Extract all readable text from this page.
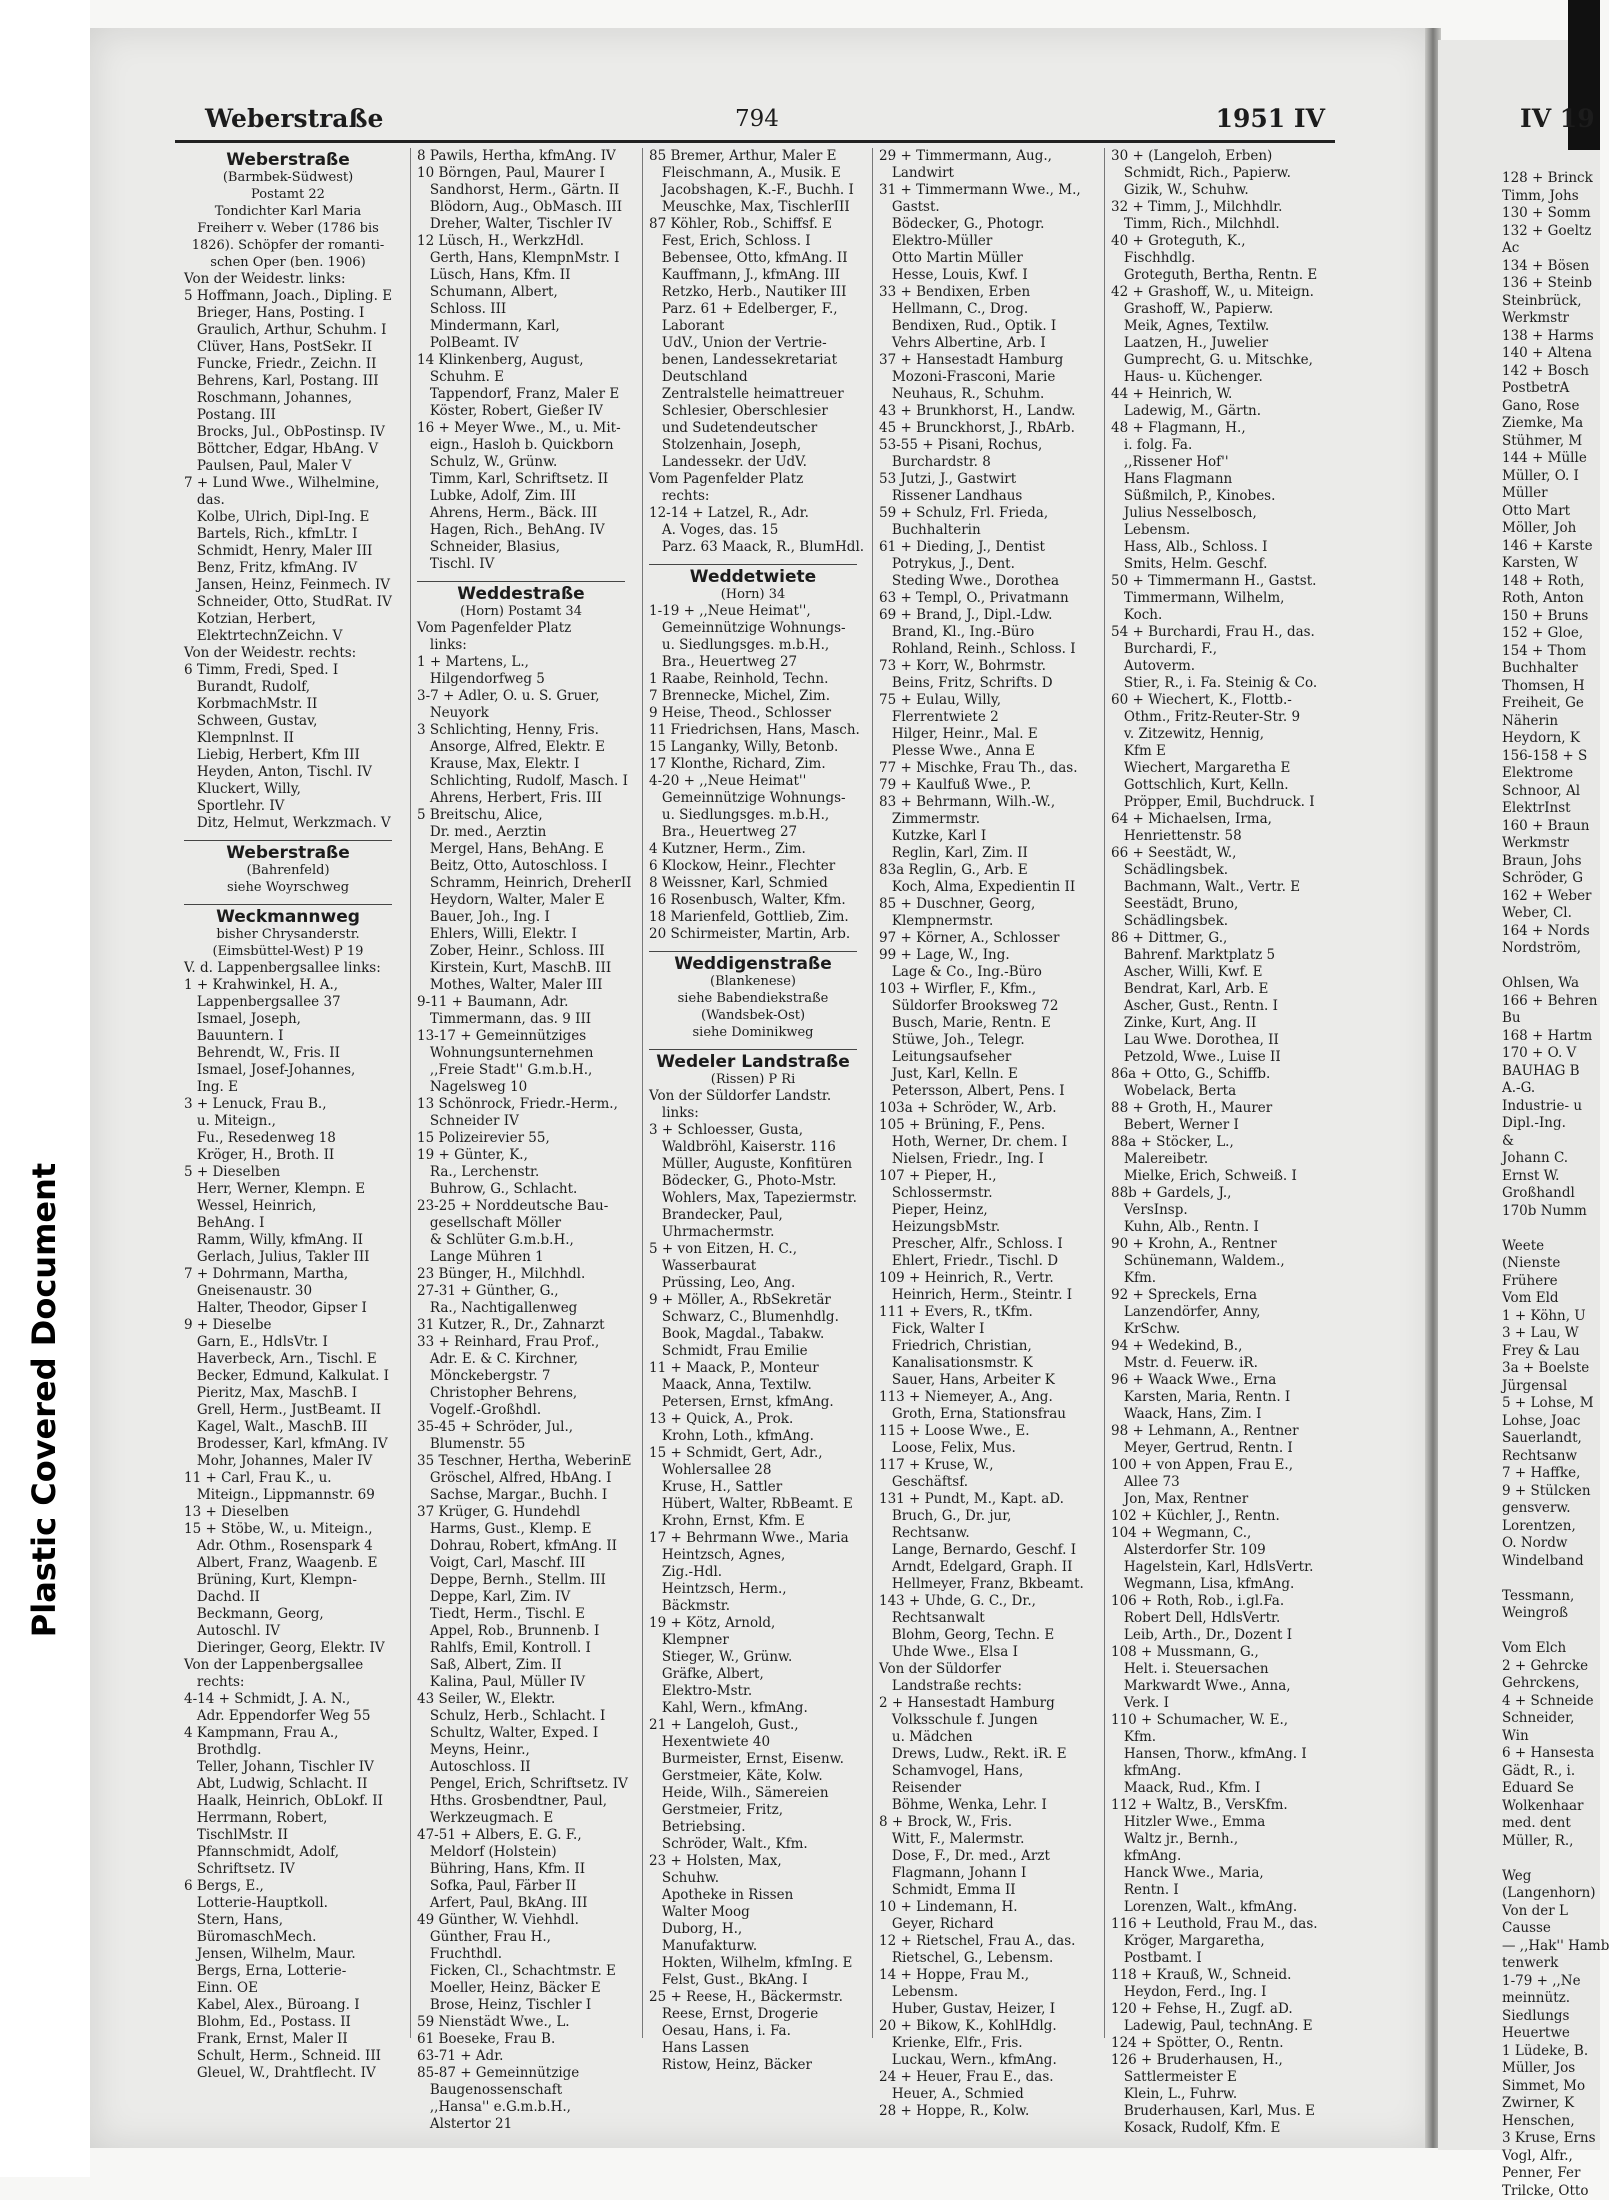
Plastic Covered Document
Weberstraße	794	1951 IV	IV 19
Weberstraße
(Barmbek-Südwest)
Postamt 22
Tondichter Karl Maria
Freiherr v. Weber (1786 bis
1826). Schöpfer der romanti-
schen Oper (ben. 1906)
Von der Weidestr. links:
5 Hoffmann, Joach., Dipling. E
Brieger, Hans, Posting. I
Graulich, Arthur, Schuhm. I
Clüver, Hans, PostSekr. II
Funcke, Friedr., Zeichn. II
Behrens, Karl, Postang. III
Roschmann, Johannes,
Postang. III
Brocks, Jul., ObPostinsp. IV
Böttcher, Edgar, HbAng. V
Paulsen, Paul, Maler V
7 + Lund Wwe., Wilhelmine,
das.
Kolbe, Ulrich, Dipl-Ing. E
Bartels, Rich., kfmLtr. I
Schmidt, Henry, Maler III
Benz, Fritz, kfmAng. IV
Jansen, Heinz, Feinmech. IV
Schneider, Otto, StudRat. IV
Kotzian, Herbert,
ElektrtechnZeichn. V
Von der Weidestr. rechts:
6 Timm, Fredi, Sped. I
Burandt, Rudolf,
KorbmachMstr. II
Schween, Gustav,
Klempnlnst. II
Liebig, Herbert, Kfm III
Heyden, Anton, Tischl. IV
Kluckert, Willy,
Sportlehr. IV
Ditz, Helmut, Werkzmach. V
Weberstraße
(Bahrenfeld)
siehe Woyrschweg
Weckmannweg
bisher Chrysanderstr.
(Eimsbüttel-West) P 19
V. d. Lappenbergsallee links:
1 + Krahwinkel, H. A.,
Lappenbergsallee 37
Ismael, Joseph,
Bauuntern. I
Behrendt, W., Fris. II
Ismael, Josef-Johannes,
Ing. E
3 + Lenuck, Frau B.,
u. Miteign.,
Fu., Resedenweg 18
Kröger, H., Broth. II
5 + Dieselben
Herr, Werner, Klempn. E
Wessel, Heinrich,
BehAng. I
Ramm, Willy, kfmAng. II
Gerlach, Julius, Takler III
7 + Dohrmann, Martha,
Gneisenaustr. 30
Halter, Theodor, Gipser I
9 + Dieselbe
Garn, E., HdlsVtr. I
Haverbeck, Arn., Tischl. E
Becker, Edmund, Kalkulat. I
Pieritz, Max, MaschB. I
Grell, Herm., JustBeamt. II
Kagel, Walt., MaschB. III
Brodesser, Karl, kfmAng. IV
Mohr, Johannes, Maler IV
11 + Carl, Frau K., u.
Miteign., Lippmannstr. 69
13 + Dieselben
15 + Stöbe, W., u. Miteign.,
Adr. Othm., Rosenspark 4
Albert, Franz, Waagenb. E
Brüning, Kurt, Klempn-
Dachd. II
Beckmann, Georg,
Autoschl. IV
Dieringer, Georg, Elektr. IV
Von der Lappenbergsallee
rechts:
4-14 + Schmidt, J. A. N.,
Adr. Eppendorfer Weg 55
4 Kampmann, Frau A.,
Brothdlg.
Teller, Johann, Tischler IV
Abt, Ludwig, Schlacht. II
Haalk, Heinrich, ObLokf. II
Herrmann, Robert,
TischlMstr. II
Pfannschmidt, Adolf,
Schriftsetz. IV
6 Bergs, E.,
Lotterie-Hauptkoll.
Stern, Hans,
BüromaschMech.
Jensen, Wilhelm, Maur.
Bergs, Erna, Lotterie-
Einn. OE
Kabel, Alex., Büroang. I
Blohm, Ed., Postass. II
Frank, Ernst, Maler II
Schult, Herm., Schneid. III
Gleuel, W., Drahtflecht. IV
8 Pawils, Hertha, kfmAng. IV
10 Börngen, Paul, Maurer I
Sandhorst, Herm., Gärtn. II
Blödorn, Aug., ObMasch. III
Dreher, Walter, Tischler IV
12 Lüsch, H., WerkzHdl.
Gerth, Hans, KlempnMstr. I
Lüsch, Hans, Kfm. II
Schumann, Albert,
Schloss. III
Mindermann, Karl,
PolBeamt. IV
14 Klinkenberg, August,
Schuhm. E
Tappendorf, Franz, Maler E
Köster, Robert, Gießer IV
16 + Meyer Wwe., M., u. Mit-
eign., Hasloh b. Quickborn
Schulz, W., Grünw.
Timm, Karl, Schriftsetz. II
Lubke, Adolf, Zim. III
Ahrens, Herm., Bäck. III
Hagen, Rich., BehAng. IV
Schneider, Blasius,
Tischl. IV
Weddestraße
(Horn) Postamt 34
Vom Pagenfelder Platz
links:
1 + Martens, L.,
Hilgendorfweg 5
3-7 + Adler, O. u. S. Gruer,
Neuyork
3 Schlichting, Henny, Fris.
Ansorge, Alfred, Elektr. E
Krause, Max, Elektr. I
Schlichting, Rudolf, Masch. I
Ahrens, Herbert, Fris. III
5 Breitschu, Alice,
Dr. med., Aerztin
Mergel, Hans, BehAng. E
Beitz, Otto, Autoschloss. I
Schramm, Heinrich, DreherII
Heydorn, Walter, Maler E
Bauer, Joh., Ing. I
Ehlers, Willi, Elektr. I
Zober, Heinr., Schloss. III
Kirstein, Kurt, MaschB. III
Mothes, Walter, Maler III
9-11 + Baumann, Adr.
Timmermann, das. 9 III
13-17 + Gemeinnütziges
Wohnungsunternehmen
,,Freie Stadt'' G.m.b.H.,
Nagelsweg 10
13 Schönrock, Friedr.-Herm.,
Schneider IV
15 Polizeirevier 55,
19 + Günter, K.,
Ra., Lerchenstr.
Buhrow, G., Schlacht.
23-25 + Norddeutsche Bau-
gesellschaft Möller
& Schlüter G.m.b.H.,
Lange Mühren 1
23 Bünger, H., Milchhdl.
27-31 + Günther, G.,
Ra., Nachtigallenweg
31 Kutzer, R., Dr., Zahnarzt
33 + Reinhard, Frau Prof.,
Adr. E. & C. Kirchner,
Mönckebergstr. 7
Christopher Behrens,
Vogelf.-Großhdl.
35-45 + Schröder, Jul.,
Blumenstr. 55
35 Teschner, Hertha, WeberinE
Gröschel, Alfred, HbAng. I
Sachse, Margar., Buchh. I
37 Krüger, G. Hundehdl
Harms, Gust., Klemp. E
Dohrau, Robert, kfmAng. II
Voigt, Carl, Maschf. III
Deppe, Bernh., Stellm. III
Deppe, Karl, Zim. IV
Tiedt, Herm., Tischl. E
Appel, Rob., Brunnenb. I
Rahlfs, Emil, Kontroll. I
Saß, Albert, Zim. II
Kalina, Paul, Müller IV
43 Seiler, W., Elektr.
Schulz, Herb., Schlacht. I
Schultz, Walter, Exped. I
Meyns, Heinr.,
Autoschloss. II
Pengel, Erich, Schriftsetz. IV
Hths. Grosbendtner, Paul,
Werkzeugmach. E
47-51 + Albers, E. G. F.,
Meldorf (Holstein)
Bühring, Hans, Kfm. II
Sofka, Paul, Färber II
Arfert, Paul, BkAng. III
49 Günther, W. Viehhdl.
Günther, Frau H.,
Fruchthdl.
Ficken, Cl., Schachtmstr. E
Moeller, Heinz, Bäcker E
Brose, Heinz, Tischler I
59 Nienstädt Wwe., L.
61 Boeseke, Frau B.
63-71 + Adr.
85-87 + Gemeinnützige
Baugenossenschaft
,,Hansa'' e.G.m.b.H.,
Alstertor 21
85 Bremer, Arthur, Maler E
Fleischmann, A., Musik. E
Jacobshagen, K.-F., Buchh. I
Meuschke, Max, TischlerIII
87 Köhler, Rob., Schiffsf. E
Fest, Erich, Schloss. I
Bebensee, Otto, kfmAng. II
Kauffmann, J., kfmAng. III
Retzko, Herb., Nautiker III
Parz. 61 + Edelberger, F.,
Laborant
UdV., Union der Vertrie-
benen, Landessekretariat
Deutschland
Zentralstelle heimattreuer
Schlesier, Oberschlesier
und Sudetendeutscher
Stolzenhain, Joseph,
Landessekr. der UdV.
Vom Pagenfelder Platz
rechts:
12-14 + Latzel, R., Adr.
A. Voges, das. 15
Parz. 63 Maack, R., BlumHdl.
Weddetwiete
(Horn) 34
1-19 + ,,Neue Heimat'',
Gemeinnützige Wohnungs-
u. Siedlungsges. m.b.H.,
Bra., Heuertweg 27
1 Raabe, Reinhold, Techn.
7 Brennecke, Michel, Zim.
9 Heise, Theod., Schlosser
11 Friedrichsen, Hans, Masch.
15 Langanky, Willy, Betonb.
17 Klonthe, Richard, Zim.
4-20 + ,,Neue Heimat''
Gemeinnützige Wohnungs-
u. Siedlungsges. m.b.H.,
Bra., Heuertweg 27
4 Kutzner, Herm., Zim.
6 Klockow, Heinr., Flechter
8 Weissner, Karl, Schmied
16 Rosenbusch, Walter, Kfm.
18 Marienfeld, Gottlieb, Zim.
20 Schirmeister, Martin, Arb.
Weddigenstraße
(Blankenese)
siehe Babendiekstraße
(Wandsbek-Ost)
siehe Dominikweg
Wedeler Landstraße
(Rissen) P Ri
Von der Süldorfer Landstr.
links:
3 + Schloesser, Gusta,
Waldbröhl, Kaiserstr. 116
Müller, Auguste, Konfitüren
Bödecker, G., Photo-Mstr.
Wohlers, Max, Tapeziermstr.
Brandecker, Paul,
Uhrmachermstr.
5 + von Eitzen, H. C.,
Wasserbaurat
Prüssing, Leo, Ang.
9 + Möller, A., RbSekretär
Schwarz, C., Blumenhdlg.
Book, Magdal., Tabakw.
Schmidt, Frau Emilie
11 + Maack, P., Monteur
Maack, Anna, Textilw.
Petersen, Ernst, kfmAng.
13 + Quick, A., Prok.
Krohn, Loth., kfmAng.
15 + Schmidt, Gert, Adr.,
Wohlersallee 28
Kruse, H., Sattler
Hübert, Walter, RbBeamt. E
Krohn, Ernst, Kfm. E
17 + Behrmann Wwe., Maria
Heintzsch, Agnes,
Zig.-Hdl.
Heintzsch, Herm.,
Bäckmstr.
19 + Kötz, Arnold,
Klempner
Stieger, W., Grünw.
Gräfke, Albert,
Elektro-Mstr.
Kahl, Wern., kfmAng.
21 + Langeloh, Gust.,
Hexentwiete 40
Burmeister, Ernst, Eisenw.
Gerstmeier, Käte, Kolw.
Heide, Wilh., Sämereien
Gerstmeier, Fritz,
Betriebsing.
Schröder, Walt., Kfm.
23 + Holsten, Max,
Schuhw.
Apotheke in Rissen
Walter Moog
Duborg, H.,
Manufakturw.
Hokten, Wilhelm, kfmIng. E
Felst, Gust., BkAng. I
25 + Reese, H., Bäckermstr.
Reese, Ernst, Drogerie
Oesau, Hans, i. Fa.
Hans Lassen
Ristow, Heinz, Bäcker
29 + Timmermann, Aug.,
Landwirt
31 + Timmermann Wwe., M.,
Gastst.
Bödecker, G., Photogr.
Elektro-Müller
Otto Martin Müller
Hesse, Louis, Kwf. I
33 + Bendixen, Erben
Hellmann, C., Drog.
Bendixen, Rud., Optik. I
Vehrs Albertine, Arb. I
37 + Hansestadt Hamburg
Mozoni-Frasconi, Marie
Neuhaus, R., Schuhm.
43 + Brunkhorst, H., Landw.
45 + Brunckhorst, J., RbArb.
53-55 + Pisani, Rochus,
Burchardstr. 8
53 Jutzi, J., Gastwirt
Rissener Landhaus
59 + Schulz, Frl. Frieda,
Buchhalterin
61 + Dieding, J., Dentist
Potrykus, J., Dent.
Steding Wwe., Dorothea
63 + Templ, O., Privatmann
69 + Brand, J., Dipl.-Ldw.
Brand, Kl., Ing.-Büro
Rohland, Reinh., Schloss. I
73 + Korr, W., Bohrmstr.
Beins, Fritz, Schrifts. D
75 + Eulau, Willy,
Flerrentwiete 2
Hilger, Heinr., Mal. E
Plesse Wwe., Anna E
77 + Mischke, Frau Th., das.
79 + Kaulfuß Wwe., P.
83 + Behrmann, Wilh.-W.,
Zimmermstr.
Kutzke, Karl I
Reglin, Karl, Zim. II
83a Reglin, G., Arb. E
Koch, Alma, Expedientin II
85 + Duschner, Georg,
Klempnermstr.
97 + Körner, A., Schlosser
99 + Lage, W., Ing.
Lage & Co., Ing.-Büro
103 + Wirfler, F., Kfm.,
Süldorfer Brooksweg 72
Busch, Marie, Rentn. E
Stüwe, Joh., Telegr.
Leitungsaufseher
Just, Karl, Kelln. E
Petersson, Albert, Pens. I
103a + Schröder, W., Arb.
105 + Brüning, F., Pens.
Hoth, Werner, Dr. chem. I
Nielsen, Friedr., Ing. I
107 + Pieper, H.,
Schlossermstr.
Pieper, Heinz,
HeizungsbMstr.
Prescher, Alfr., Schloss. I
Ehlert, Friedr., Tischl. D
109 + Heinrich, R., Vertr.
Heinrich, Herm., Steintr. I
111 + Evers, R., tKfm.
Fick, Walter I
Friedrich, Christian,
Kanalisationsmstr. K
Sauer, Hans, Arbeiter K
113 + Niemeyer, A., Ang.
Groth, Erna, Stationsfrau
115 + Loose Wwe., E.
Loose, Felix, Mus.
117 + Kruse, W.,
Geschäftsf.
131 + Pundt, M., Kapt. aD.
Bruch, G., Dr. jur,
Rechtsanw.
Lange, Bernardo, Geschf. I
Arndt, Edelgard, Graph. II
Hellmeyer, Franz, Bkbeamt.
143 + Uhde, G. C., Dr.,
Rechtsanwalt
Blohm, Georg, Techn. E
Uhde Wwe., Elsa I
Von der Süldorfer
Landstraße rechts:
2 + Hansestadt Hamburg
Volksschule f. Jungen
u. Mädchen
Drews, Ludw., Rekt. iR. E
Schamvogel, Hans,
Reisender
Böhme, Wenka, Lehr. I
8 + Brock, W., Fris.
Witt, F., Malermstr.
Dose, F., Dr. med., Arzt
Flagmann, Johann I
Schmidt, Emma II
10 + Lindemann, H.
Geyer, Richard
12 + Rietschel, Frau A., das.
Rietschel, G., Lebensm.
14 + Hoppe, Frau M.,
Lebensm.
Huber, Gustav, Heizer, I
20 + Bikow, K., KohlHdlg.
Krienke, Elfr., Fris.
Luckau, Wern., kfmAng.
24 + Heuer, Frau E., das.
Heuer, A., Schmied
28 + Hoppe, R., Kolw.
30 + (Langeloh, Erben)
Schmidt, Rich., Papierw.
Gizik, W., Schuhw.
32 + Timm, J., Milchhdlr.
Timm, Rich., Milchhdl.
40 + Groteguth, K.,
Fischhdlg.
Groteguth, Bertha, Rentn. E
42 + Grashoff, W., u. Miteign.
Grashoff, W., Papierw.
Meik, Agnes, Textilw.
Laatzen, H., Juwelier
Gumprecht, G. u. Mitschke,
Haus- u. Küchenger.
44 + Heinrich, W.
Ladewig, M., Gärtn.
48 + Flagmann, H.,
i. folg. Fa.
,,Rissener Hof''
Hans Flagmann
Süßmilch, P., Kinobes.
Julius Nesselbosch,
Lebensm.
Hass, Alb., Schloss. I
Smits, Helm. Geschf.
50 + Timmermann H., Gastst.
Timmermann, Wilhelm,
Koch.
54 + Burchardi, Frau H., das.
Burchardi, F.,
Autoverm.
Stier, R., i. Fa. Steinig & Co.
60 + Wiechert, K., Flottb.-
Othm., Fritz-Reuter-Str. 9
v. Zitzewitz, Hennig,
Kfm E
Wiechert, Margaretha E
Gottschlich, Kurt, Kelln.
Pröpper, Emil, Buchdruck. I
64 + Michaelsen, Irma,
Henriettenstr. 58
66 + Seestädt, W.,
Schädlingsbek.
Bachmann, Walt., Vertr. E
Seestädt, Bruno,
Schädlingsbek.
86 + Dittmer, G.,
Bahrenf. Marktplatz 5
Ascher, Willi, Kwf. E
Bendrat, Karl, Arb. E
Ascher, Gust., Rentn. I
Zinke, Kurt, Ang. II
Lau Wwe. Dorothea, II
Petzold, Wwe., Luise II
86a + Otto, G., Schiffb.
Wobelack, Berta
88 + Groth, H., Maurer
Bebert, Werner I
88a + Stöcker, L.,
Malereibetr.
Mielke, Erich, Schweiß. I
88b + Gardels, J.,
VersInsp.
Kuhn, Alb., Rentn. I
90 + Krohn, A., Rentner
Schünemann, Waldem.,
Kfm.
92 + Spreckels, Erna
Lanzendörfer, Anny,
KrSchw.
94 + Wedekind, B.,
Mstr. d. Feuerw. iR.
96 + Waack Wwe., Erna
Karsten, Maria, Rentn. I
Waack, Hans, Zim. I
98 + Lehmann, A., Rentner
Meyer, Gertrud, Rentn. I
100 + von Appen, Frau E.,
Allee 73
Jon, Max, Rentner
102 + Küchler, J., Rentn.
104 + Wegmann, C.,
Alsterdorfer Str. 109
Hagelstein, Karl, HdlsVertr.
Wegmann, Lisa, kfmAng.
106 + Roth, Rob., i.gl.Fa.
Robert Dell, HdlsVertr.
Leib, Arth., Dr., Dozent I
108 + Mussmann, G.,
Helt. i. Steuersachen
Markwardt Wwe., Anna,
Verk. I
110 + Schumacher, W. E.,
Kfm.
Hansen, Thorw., kfmAng. I
kfmAng.
Maack, Rud., Kfm. I
112 + Waltz, B., VersKfm.
Hitzler Wwe., Emma
Waltz jr., Bernh.,
kfmAng.
Hanck Wwe., Maria,
Rentn. I
Lorenzen, Walt., kfmAng.
116 + Leuthold, Frau M., das.
Kröger, Margaretha,
Postbamt. I
118 + Krauß, W., Schneid.
Heydon, Ferd., Ing. I
120 + Fehse, H., Zugf. aD.
Ladewig, Paul, technAng. E
124 + Spötter, O., Rentn.
126 + Bruderhausen, H.,
Sattlermeister E
Klein, L., Fuhrw.
Bruderhausen, Karl, Mus. E
Kosack, Rudolf, Kfm. E
128 + Brinck
Timm, Johs
130 + Somm
132 + Goeltz
Ac
134 + Bösen
136 + Steinb
Steinbrück,
Werkmstr
138 + Harms
140 + Altena
142 + Bosch
PostbetrA
Gano, Rose
Ziemke, Ma
Stühmer, M
144 + Mülle
Müller, O. I
Müller
Otto Mart
Möller, Joh
146 + Karste
Karsten, W
148 + Roth,
Roth, Anton
150 + Bruns
152 + Gloe,
154 + Thom
Buchhalter
Thomsen, H
Freiheit, Ge
Näherin
Heydorn, K
156-158 + S
Elektrome
Schnoor, Al
ElektrInst
160 + Braun
Werkmstr
Braun, Johs
Schröder, G
162 + Weber
Weber, Cl.
164 + Nords
Nordström,

Ohlsen, Wa
166 + Behren
Bu
168 + Hartm
170 + O. V
BAUHAG B
A.-G.
Industrie- u
Dipl.-Ing.
&
Johann C.
Ernst W.
Großhandl
170b Numm

Weete
(Nienste
Frühere
Vom Eld
1 + Köhn, U
3 + Lau, W
Frey & Lau
3a + Boelste
Jürgensal
5 + Lohse, M
Lohse, Joac
Sauerlandt,
Rechtsanw
7 + Haffke,
9 + Stülcken
gensverw.
Lorentzen,
O. Nordw
Windelband

Tessmann,
Weingroß

Vom Elch
2 + Gehrcke
Gehrckens,
4 + Schneide
Schneider,
Win
6 + Hansesta
Gädt, R., i.
Eduard Se
Wolkenhaar
med. dent
Müller, R.,

Weg
(Langenhorn)
Von der L
Causse
— ,,Hak'' Hamb
tenwerk
1-79 + ,,Ne
meinnütz.
Siedlungs
Heuertwe
1 Lüdeke, B.
Müller, Jos
Simmet, Mo
Zwirner, K
Henschen,
3 Kruse, Erns
Vogl, Alfr.,
Penner, Fer
Trilcke, Otto
